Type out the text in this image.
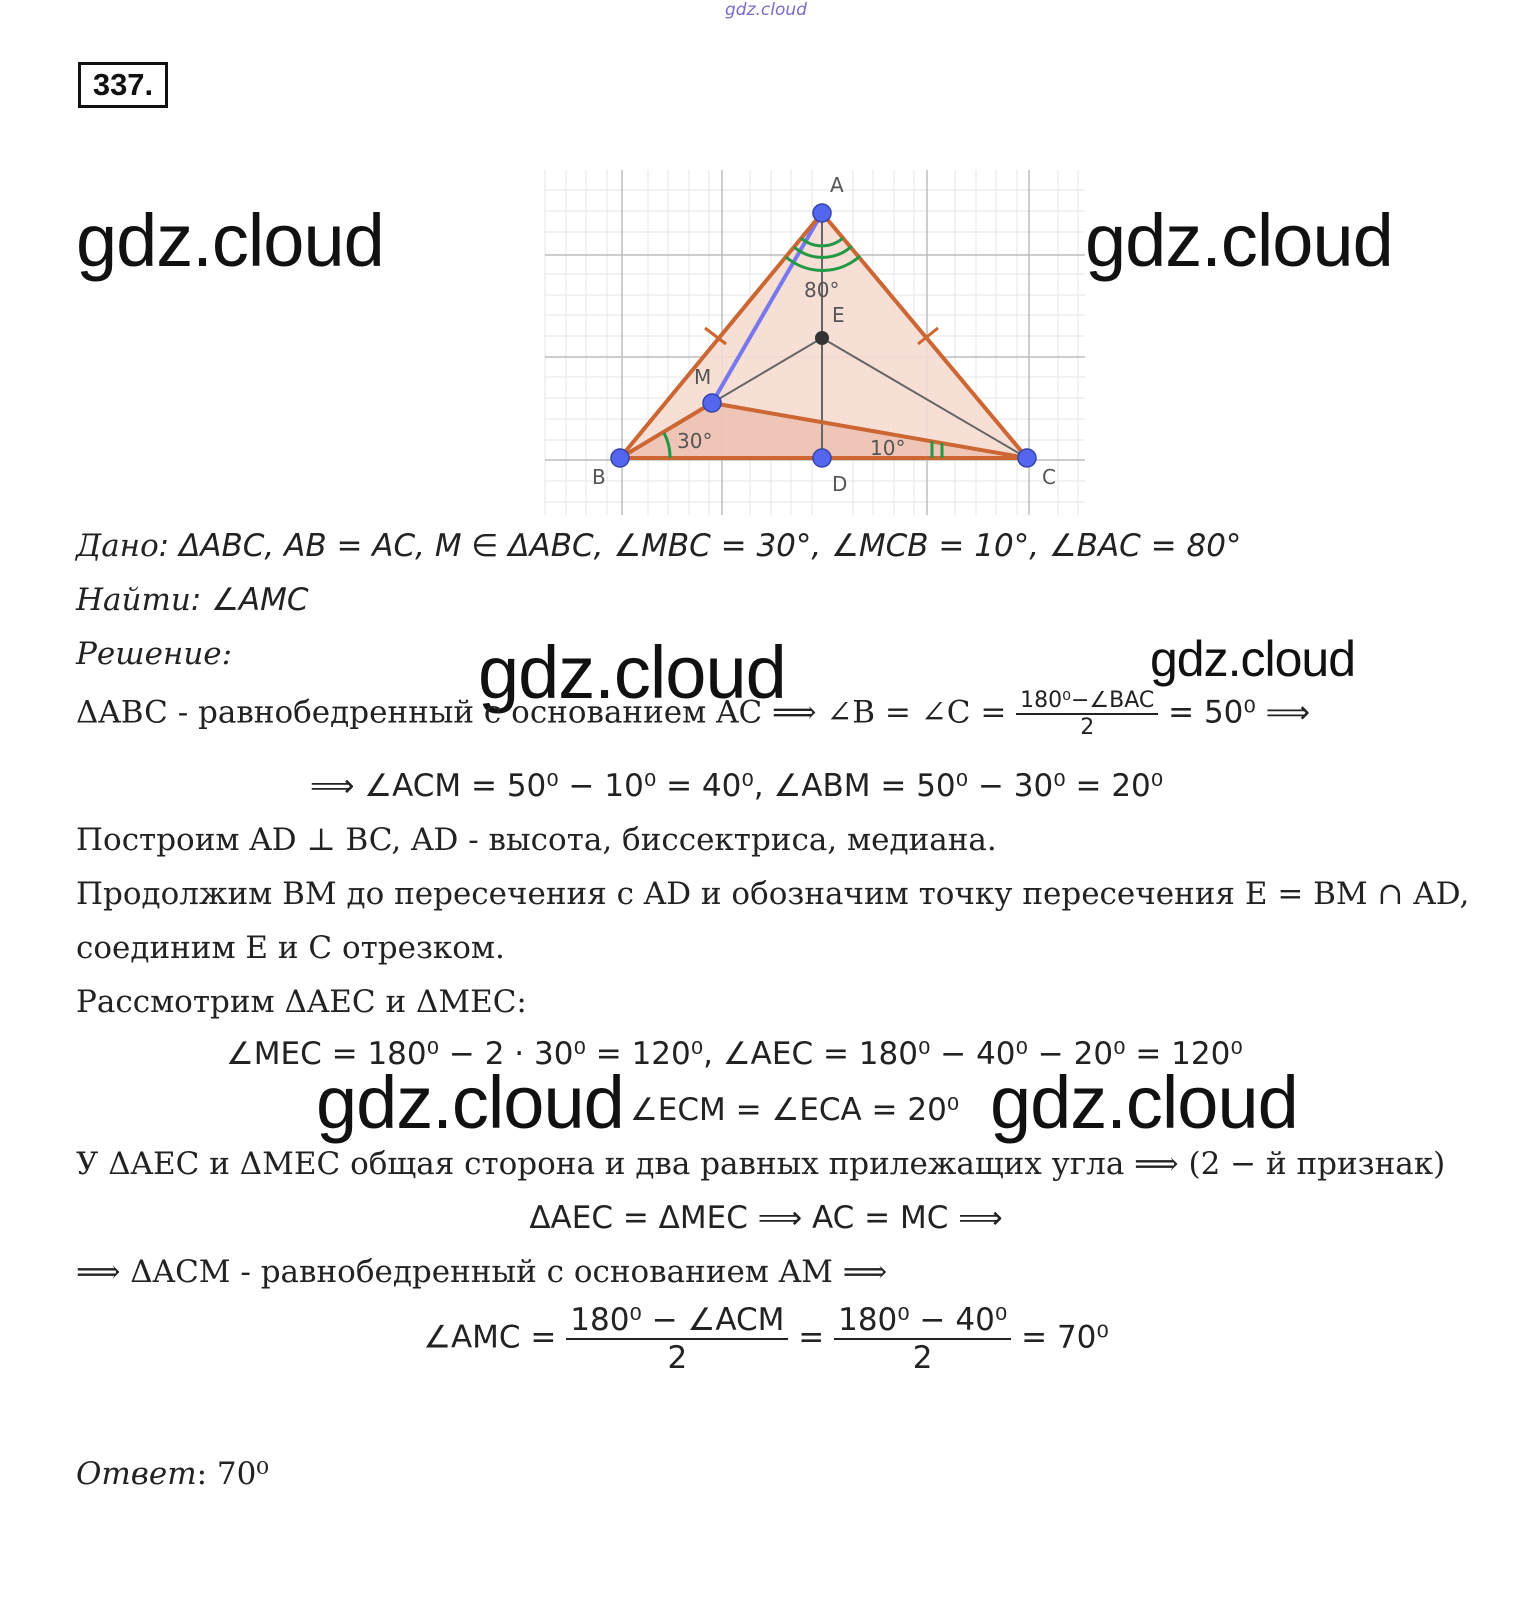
gdz.cloud
337.
A
B	C
D
E
M
80°
30°	10°
gdz.cloud	gdz.cloud
Дано: ΔABC, AB = AC, M ∈ ΔABC, ∠MBC = 30°, ∠MCB = 10°, ∠BAC = 80°
Найти: ∠AMC
Решение:	gdz.cloud	gdz.cloud
ΔABC - равнобедренный с основанием AC ⟹ ∠B = ∠C = $\frac{\text{180⁰−∠BAC}}{2} = 50^0$ ⟹
⟹ ∠ACM = 50⁰ − 10⁰ = 40⁰, ∠ABM = 50⁰ − 30⁰ = 20⁰
Построим AD ⊥ BC, AD - высота, биссектриса, медиана.
Продолжим BM до пересечения с AD и обозначим точку пересечения E = BM ∩ AD,
соединим E и C отрезком.
Рассмотрим ΔAEC и ΔMEC:
∠MEC = 180⁰ − 2 · 30⁰ = 120⁰, ∠AEC = 180⁰ − 40⁰ − 20⁰ = 120⁰
∠ECM = ∠ECA = 20⁰
gdz.cloud	gdz.cloud
У ΔAEC и ΔMEC общая сторона и два равных прилежащих угла ⟹ (2 − й признак)
ΔAEC = ΔMEC ⟹ AC = MC ⟹
⟹ ΔACM - равнобедренный с основанием AM ⟹
∠AMC = $\frac{\text{180⁰ − ∠ACM}}{2} = \frac{\text{180⁰ − 40⁰}}{2} = 70^0$
Ответ: 70⁰
